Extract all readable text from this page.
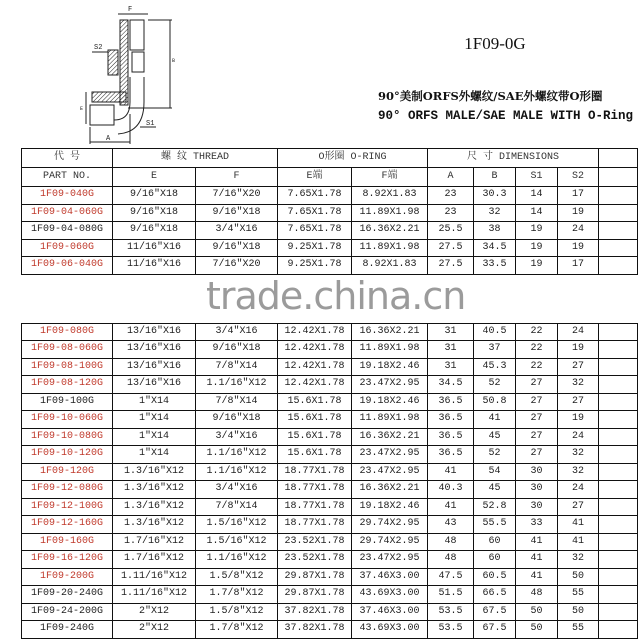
F
S2
B
E
S1
A
1F09-0G
90°美制ORFS外螺纹/SAE外螺纹带O形圈
90° ORFS MALE/SAE MALE WITH O-Ring
代 号	螺 纹 THREAD		O形圈 O-RING		尺 寸 DIMENSIONS				
PART NO.	E	F	E端	F端	A	B	S1	S2	
1F09-040G	9/16"X18	7/16"X20	7.65X1.78	8.92X1.83	23	30.3	14	17	
1F09-04-060G	9/16"X18	9/16"X18	7.65X1.78	11.89X1.98	23	32	14	19	
1F09-04-080G	9/16"X18	3/4"X16	7.65X1.78	16.36X2.21	25.5	38	19	24	
1F09-060G	11/16"X16	9/16"X18	9.25X1.78	11.89X1.98	27.5	34.5	19	19	
1F09-06-040G	11/16"X16	7/16"X20	9.25X1.78	8.92X1.83	27.5	33.5	19	17	

1F09-080G	13/16"X16	3/4"X16	12.42X1.78	16.36X2.21	31	40.5	22	24	
1F09-08-060G	13/16"X16	9/16"X18	12.42X1.78	11.89X1.98	31	37	22	19	
1F09-08-100G	13/16"X16	7/8"X14	12.42X1.78	19.18X2.46	31	45.3	22	27	
1F09-08-120G	13/16"X16	1.1/16"X12	12.42X1.78	23.47X2.95	34.5	52	27	32	
1F09-100G	1"X14	7/8"X14	15.6X1.78	19.18X2.46	36.5	50.8	27	27	
1F09-10-060G	1"X14	9/16"X18	15.6X1.78	11.89X1.98	36.5	41	27	19	
1F09-10-080G	1"X14	3/4"X16	15.6X1.78	16.36X2.21	36.5	45	27	24	
1F09-10-120G	1"X14	1.1/16"X12	15.6X1.78	23.47X2.95	36.5	52	27	32	
1F09-120G	1.3/16"X12	1.1/16"X12	18.77X1.78	23.47X2.95	41	54	30	32	
1F09-12-080G	1.3/16"X12	3/4"X16	18.77X1.78	16.36X2.21	40.3	45	30	24	
1F09-12-100G	1.3/16"X12	7/8"X14	18.77X1.78	19.18X2.46	41	52.8	30	27	
1F09-12-160G	1.3/16"X12	1.5/16"X12	18.77X1.78	29.74X2.95	43	55.5	33	41	
1F09-160G	1.7/16"X12	1.5/16"X12	23.52X1.78	29.74X2.95	48	60	41	41	
1F09-16-120G	1.7/16"X12	1.1/16"X12	23.52X1.78	23.47X2.95	48	60	41	32	
1F09-200G	1.11/16"X12	1.5/8"X12	29.87X1.78	37.46X3.00	47.5	60.5	41	50	
1F09-20-240G	1.11/16"X12	1.7/8"X12	29.87X1.78	43.69X3.00	51.5	66.5	48	55	
1F09-24-200G	2"X12	1.5/8"X12	37.82X1.78	37.46X3.00	53.5	67.5	50	50	
1F09-240G	2"X12	1.7/8"X12	37.82X1.78	43.69X3.00	53.5	67.5	50	55	
trade.china.cn
